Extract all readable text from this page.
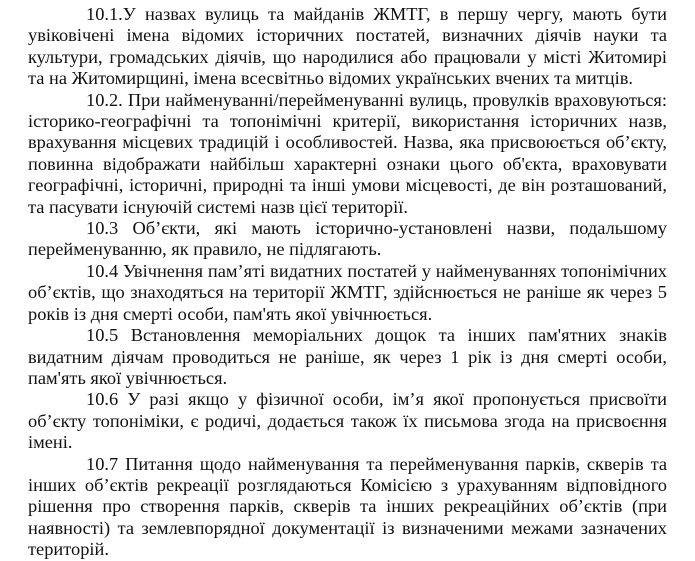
10.1.У назвах вулиць та майданів ЖМТГ, в першу чергу, мають бути
увіковічені імена відомих історичних постатей, визначних діячів науки та
культури, громадських діячів, що народилися або працювали у місті Житомирі
та на Житомирщині, імена всесвітньо відомих українських вчених та митців.
10.2. При найменуванні/перейменуванні вулиць, провулків враховуються:
історико-географічні та топонімічні критерії, використання історичних назв,
врахування місцевих традицій і особливостей. Назва, яка присвоюється об’єкту,
повинна відображати найбільш характерні ознаки цього об'єкта, враховувати
географічні, історичні, природні та інші умови місцевості, де він розташований,
та пасувати існуючій системі назв цієї території.
10.3 Об’єкти, які мають історично-установлені назви, подальшому
перейменуванню, як правило, не підлягають.
10.4 Увічнення пам’яті видатних постатей у найменуваннях топонімічних
об’єктів, що знаходяться на території ЖМТГ, здійснюється не раніше як через 5
років із дня смерті особи, пам'ять якої увічнюється.
10.5 Встановлення меморіальних дощок та інших пам'ятних знаків
видатним діячам проводиться не раніше, як через 1 рік із дня смерті особи,
пам'ять якої увічнюється.
10.6 У разі якщо у фізичної особи, ім’я якої пропонується присвоїти
об’єкту топоніміки, є родичі, додається також їх письмова згода на присвоєння
імені.
10.7 Питання щодо найменування та перейменування парків, скверів та
інших об’єктів рекреації розглядаються Комісією з урахуванням відповідного
рішення про створення парків, скверів та інших рекреаційних об’єктів (при
наявності) та землевпорядної документації із визначеними межами зазначених
територій.
